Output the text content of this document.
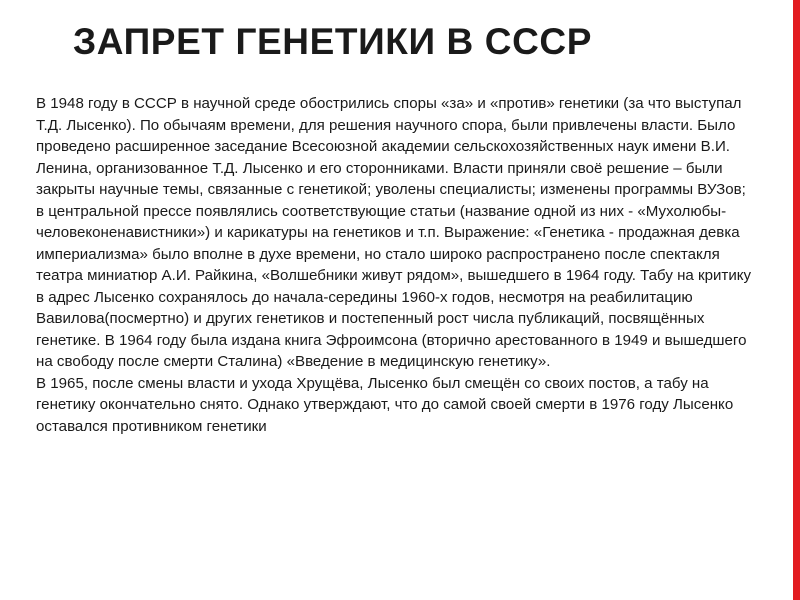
ЗАПРЕТ ГЕНЕТИКИ В СССР

В 1948 году в СССР в научной среде обострились споры «за» и «против» генетики (за что выступал Т.Д. Лысенко). По обычаям времени, для решения научного спора, были привлечены власти. Было проведено расширенное заседание Всесоюзной академии сельскохозяйственных наук имени В.И. Ленина, организованное Т.Д. Лысенко и его сторонниками. Власти приняли своё решение – были закрыты научные темы, связанные с генетикой; уволены специалисты; изменены программы ВУЗов; в центральной прессе появлялись соответствующие статьи (название одной из них - «Мухолюбы-человеконенавистники») и карикатуры на генетиков и т.п. Выражение: «Генетика - продажная девка империализма» было вполне в духе времени, но стало широко распространено после спектакля театра миниатюр А.И. Райкина, «Волшебники живут рядом», вышедшего в 1964 году. Табу на критику в адрес Лысенко сохранялось до начала-середины 1960-х годов, несмотря на реабилитацию Вавилова(посмертно) и других генетиков и постепенный рост числа публикаций, посвящённых генетике. В 1964 году была издана книга Эфроимсона (вторично арестованного в 1949 и вышедшего на свободу после смерти Сталина) «Введение в медицинскую генетику».

В 1965, после смены власти и ухода Хрущёва, Лысенко был смещён со своих постов, а табу на генетику окончательно снято. Однако утверждают, что до самой своей смерти в 1976 году Лысенко оставался противником генетики
